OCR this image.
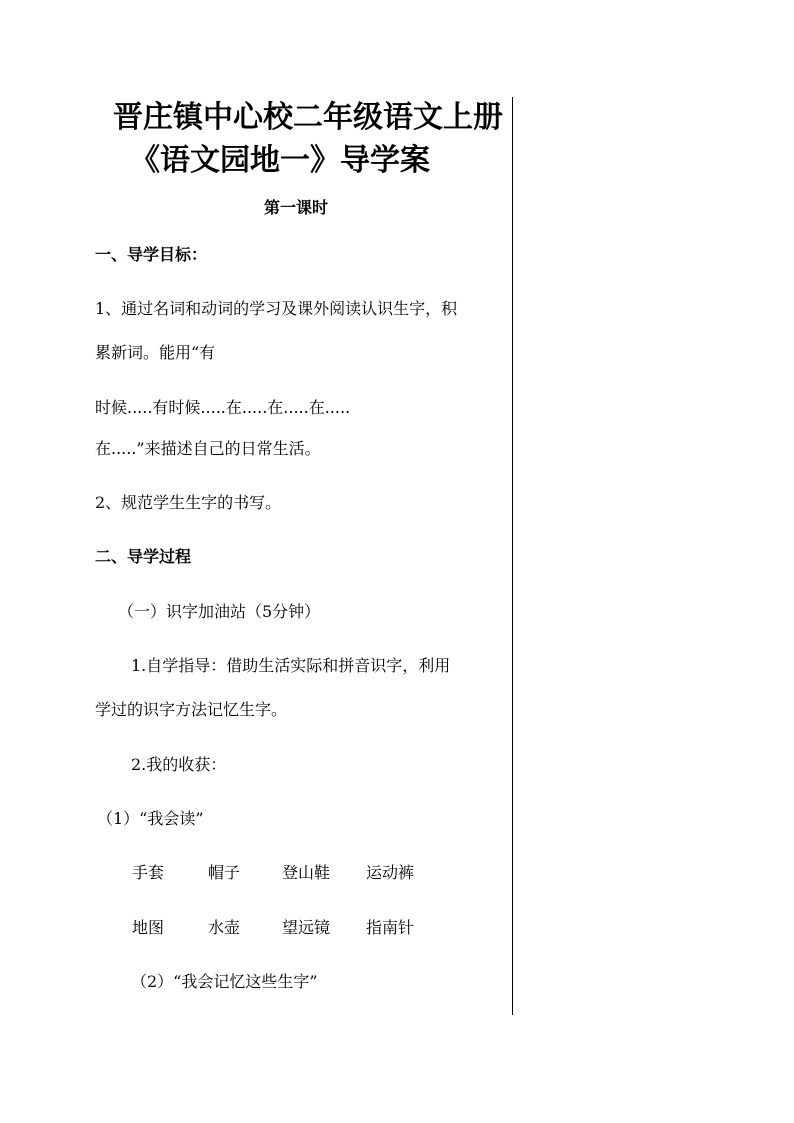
晋庄镇中心校二年级语文上册
《语文园地一》导学案
第一课时
一、导学目标：
1、通过名词和动词的学习及课外阅读认识生字，积
累新词。能用“有
时候.....有时候.....在.....在.....在.....
在.....”来描述自己的日常生活。
2、规范学生生字的书写。
二、导学过程
（一）识字加油站（5分钟）
1.自学指导：借助生活实际和拼音识字，利用
学过的识字方法记忆生字。
2.我的收获：
（1）“我会读”
手套	帽子	登山鞋 运动裤
地图	水壶	望远镜 指南针
（2）“我会记忆这些生字”
